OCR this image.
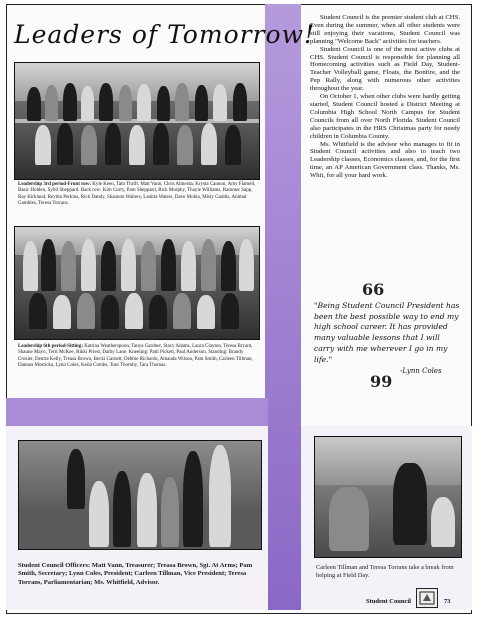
Leaders of Tomorrow!
Leadership 3rd period-Front row: Kyle Keen, Tam Thrift, Matt Vann, Chris Almeida, Krysta Cannon, Amy Flamell, Basic Holden, Sybil Sheppard. Back row: Kim Curry, Pam Sheppard, Rick Murphy, Thayle Williams, Rammer Sapp, Ray Kirkland, Reyitta Perkins, Rick Dandy, Shannon Walters, Lanitta Waters, Dave Mohia, Misty Gaddis, Animal Gambles, Teresa Torrans.
Leadership 6th period-Sitting: Katrina Weatherspoon, Tanya Gardner, Stacy Adams, Laura Clayton, Teresa Bryant, Shaune Mayo, Terri McKee, Rikki Priest, Darby Lane. Kneeling: Patti Pickett, Paul Anderson. Standing: Brandy Crosier, Dentra Kelly, Treasa Brown, Becki Garnett, Debbie Richards, Amanda Wilson, Pam Smith, Carleen Tillman, Dannea Mosticka, Lynn Coles, Keila Combs, Toni Thornby, Tara Thomas.
Student Council Officers: Matt Vann, Treasurer; Treasa Brown, Sgt. At Arms; Pam Smith, Secretary; Lynn Coles, President; Carleen Tillman, Vice President; Teresa Torrans, Parliamentarian; Ms. Whitfield, Advisor.

Student Council is the premier student club at CHS. Even during the summer, when all other students were still enjoying their vacations, Student Council was planning "Welcome Back" activities for teachers.

Student Council is one of the most active clubs at CHS. Student Council is responsible for planning all Homecoming activities such as Field Day, Student-Teacher Volleyball game, Floats, the Bonfire, and the Pep Rally, along with numerous other activities throughout the year.

On October 1, when other clubs were hardly getting started, Student Council hosted a District Meeting at Columbia High School North Campus for Student Councils from all over North Florida. Student Council also participates in the HRS Christmas party for needy children in Columbia County.

Ms. Whitfield is the advisor who manages to fit in Student Council activities and also to teach two Leadership classes, Economics classes, and, for the first time, an AP American Government class. Thanks, Ms. Whit, for all your hard work.

66
"Being Student Council President has been the best possible way to end my high school career. It has provided many valuable lessons that I will carry with me wherever I go in my life."
99
-Lynn Coles
Carleen Tillman and Teresa Torrans take a break from helping at Field Day.
Student Council	73
